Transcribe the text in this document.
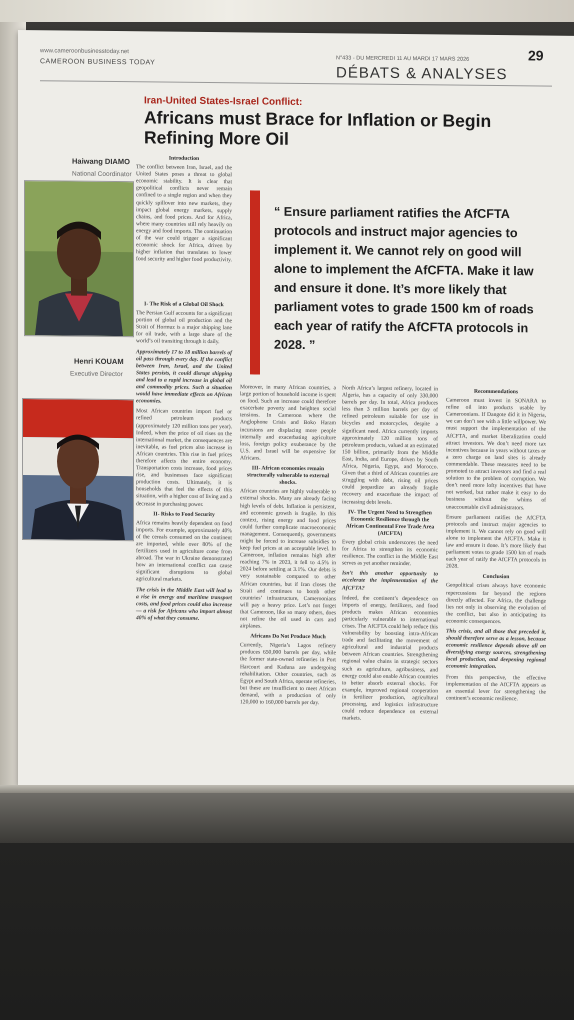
www.cameroonbusinesstoday.net
CAMEROON BUSINESS TODAY	N°433 - DU MERCREDI 11 AU MARDI 17 MARS 2026	29
DÉBATS & ANALYSES
Iran-United States-Israel Conflict:
Africans must Brace for Inflation or Begin Refining More Oil
Haiwang DIAMO
National Coordinator
Henri KOUAM
Executive Director
Introduction

The conflict between Iran, Israel, and the United States poses a threat to global economic stability. It is clear that geopolitical conflicts never remain confined to a single region and when they quickly spillover into new markets, they impact global energy markets, supply chains, and food prices. And for Africa, where many countries still rely heavily on energy and food imports. The continuation of the war could trigger a significant economic shock for Africa, driven by higher inflation that translates to lower food security and higher food productivity.

I- The Risk of a Global Oil Shock

The Persian Gulf accounts for a significant portion of global oil production and the Strait of Hormuz is a major shipping lane for oil trade, with a large share of the world’s oil transiting through it daily.

Approximately 17 to 18 million barrels of oil pass through every day. If the conflict between Iran, Israel, and the United States persists, it could disrupt shipping and lead to a rapid increase in global oil and commodity prices. Such a situation would have immediate effects on African economies.

Most African countries import fuel or refined petroleum products (approximately 120 million tons per year). Indeed, when the price of oil rises on the international market, the consequences are inevitable, as fuel prices also increase in African countries. This rise in fuel prices therefore affects the entire economy. Transportation costs increase, food prices rise, and businesses face significant production costs. Ultimately, it is households that feel the effects of this situation, with a higher cost of living and a decrease in purchasing power.

II- Risks to Food Security

Africa remains heavily dependent on food imports. For example, approximately 40% of the cereals consumed on the continent are imported, while over 80% of the fertilizers used in agriculture come from abroad. The war in Ukraine demonstrated how an international conflict can cause significant disruptions to global agricultural markets.

The crisis in the Middle East will lead to a rise in energy and maritime transport costs, and food prices could also increase — a risk for Africans who import almost 40% of what they consume.

“ Ensure parliament ratifies the AfCFTA protocols and instruct major agencies to implement it. We cannot rely on good will alone to implement the AfCFTA. Make it law and ensure it done. It’s more likely that parliament votes to grade 1500 km of roads each year of ratify the AfCFTA protocols in 2028. ”

Moreover, in many African countries, a large portion of household income is spent on food. Such an increase could therefore exacerbate poverty and heighten social tensions. In Cameroon where the Anglophone Crisis and Boko Haram incursions are displacing more people internally and exacerbating agriculture loss, foreign policy exuberance by the U.S. and Israel will be expensive for Africans.

III- African economies remain structurally vulnerable to external shocks.

African countries are highly vulnerable to external shocks. Many are already facing high levels of debt. Inflation is persistent, and economic growth is fragile. In this context, rising energy and food prices could further complicate macroeconomic management. Consequently, governments might be forced to increase subsidies to keep fuel prices at an acceptable level. In Cameroon, inflation remains high after reaching 7% in 2023, it fell to 4.5% in 2024 before settling at 3.1%. Our debts is very sustainable compared to other African countries, but if Iran closes the Strait and continues to bomb other countries’ infrastructure, Cameroonians will pay a heavy price. Let’s not forget that Cameroon, like so many others, does not refine the oil used in cars and airplanes.

Africans Do Not Produce Much

Currently, Nigeria’s Lagos refinery produces 650,000 barrels per day, while the former state-owned refineries in Port Harcourt and Kaduna are undergoing rehabilitation. Other countries, such as Egypt and South Africa, operate refineries, but these are insufficient to meet African demand, with a production of only 120,000 to 160,000 barrels per day.

North Africa’s largest refinery, located in Algeria, has a capacity of only 330,000 barrels per day. In total, Africa produces less than 3 million barrels per day of refined petroleum suitable for use in bicycles and motorcycles, despite a significant need. Africa currently imports approximately 120 million tons of petroleum products, valued at an estimated 150 billion, primarily from the Middle East, India, and Europe, driven by South Africa, Nigeria, Egypt, and Morocco. Given that a third of African countries are struggling with debt, rising oil prices could jeopardize an already fragile recovery and exacerbate the impact of increasing debt levels.

IV- The Urgent Need to Strengthen Economic Resilience through the African Continental Free Trade Area (AfCFTA)

Every global crisis underscores the need for Africa to strengthen its economic resilience. The conflict in the Middle East serves as yet another reminder.

Isn’t this another opportunity to accelerate the implementation of the AfCFTA?

Indeed, the continent’s dependence on imports of energy, fertilizers, and food products makes African economies particularly vulnerable to international crises. The AfCFTA could help reduce this vulnerability by boosting intra-African trade and facilitating the movement of agricultural and industrial products between African countries. Strengthening regional value chains in strategic sectors such as agriculture, agribusiness, and energy could also enable African countries to better absorb external shocks. For example, improved regional cooperation in fertilizer production, agricultural processing, and logistics infrastructure could reduce dependence on external markets.

Recommendations

Cameroon must invest in SONARA to refine oil into products usable by Cameroonians. If Dangote did it in Nigeria, we can don’t see with a little willpower. We must support the implementation of the AfCFTA, and market liberalization could attract investors. We don’t need more tax incentives because in years without taxes or a zero charge on land sites is already commendable. These measures need to be promoted to attract investors and find a real solution to the problem of corruption. We don’t need more lofty incentives that have not worked, but rather make it easy to do business without the whims of unaccountable civil administrators.

Ensure parliament ratifies the AfCFTA protocols and instruct major agencies to implement it. We cannot rely on good will alone to implement the AfCFTA. Make it law and ensure it done. It’s more likely that parliament votes to grade 1500 km of roads each year of ratify the AfCFTA protocols in 2028.

Conclusion

Geopolitical crises always have economic repercussions far beyond the regions directly affected. For Africa, the challenge lies not only in observing the evolution of the conflict, but also in anticipating its economic consequences.

This crisis, and all those that preceded it, should therefore serve as a lesson, because economic resilience depends above all on diversifying energy sources, strengthening local production, and deepening regional economic integration.

From this perspective, the effective implementation of the AfCFTA appears as an essential lever for strengthening the continent’s economic resilience.
